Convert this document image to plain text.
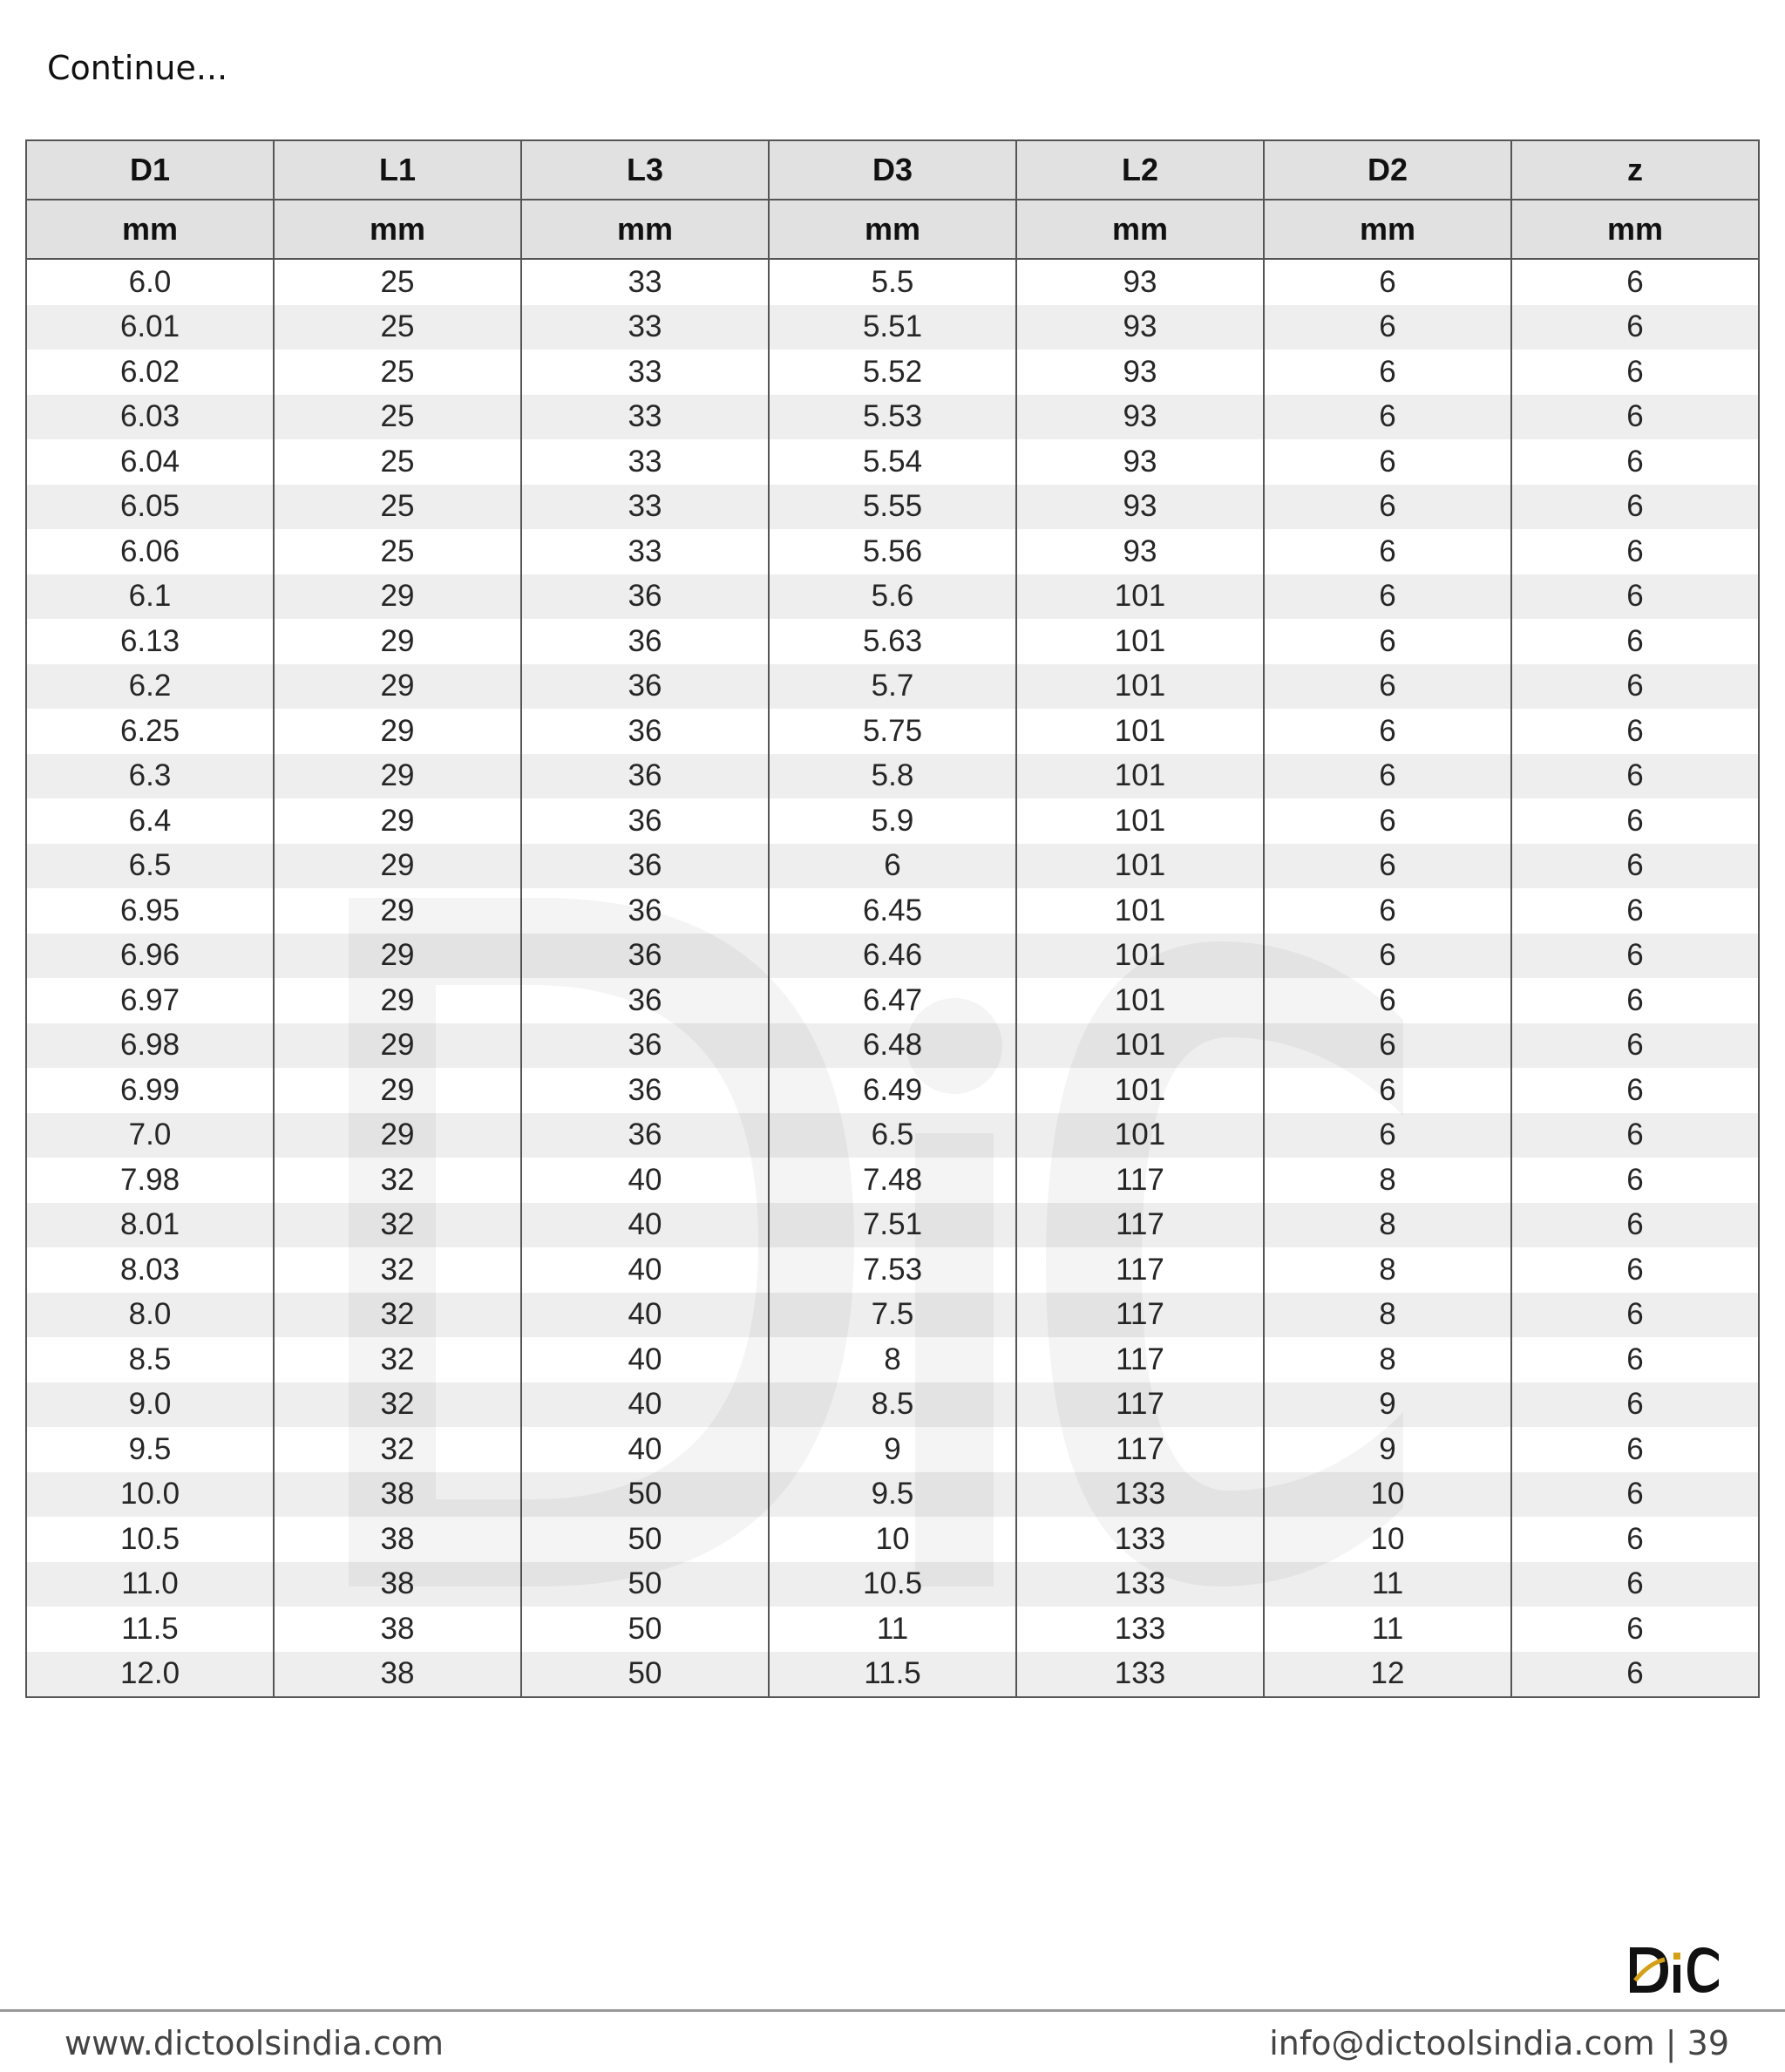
Continue...
D1	L1	L3	D3	L2	D2	z
mm	mm	mm	mm	mm	mm	mm
6.0	25	33	5.5	93	6	6
6.01	25	33	5.51	93	6	6
6.02	25	33	5.52	93	6	6
6.03	25	33	5.53	93	6	6
6.04	25	33	5.54	93	6	6
6.05	25	33	5.55	93	6	6
6.06	25	33	5.56	93	6	6
6.1	29	36	5.6	101	6	6
6.13	29	36	5.63	101	6	6
6.2	29	36	5.7	101	6	6
6.25	29	36	5.75	101	6	6
6.3	29	36	5.8	101	6	6
6.4	29	36	5.9	101	6	6
6.5	29	36	6	101	6	6
6.95	29	36	6.45	101	6	6
6.96	29	36	6.46	101	6	6
6.97	29	36	6.47	101	6	6
6.98	29	36	6.48	101	6	6
6.99	29	36	6.49	101	6	6
7.0	29	36	6.5	101	6	6
7.98	32	40	7.48	117	8	6
8.01	32	40	7.51	117	8	6
8.03	32	40	7.53	117	8	6
8.0	32	40	7.5	117	8	6
8.5	32	40	8	117	8	6
9.0	32	40	8.5	117	9	6
9.5	32	40	9	117	9	6
10.0	38	50	9.5	133	10	6
10.5	38	50	10	133	10	6
11.0	38	50	10.5	133	11	6
11.5	38	50	11	133	11	6
12.0	38	50	11.5	133	12	6
www.dictoolsindia.com	info@dictoolsindia.com | 39
